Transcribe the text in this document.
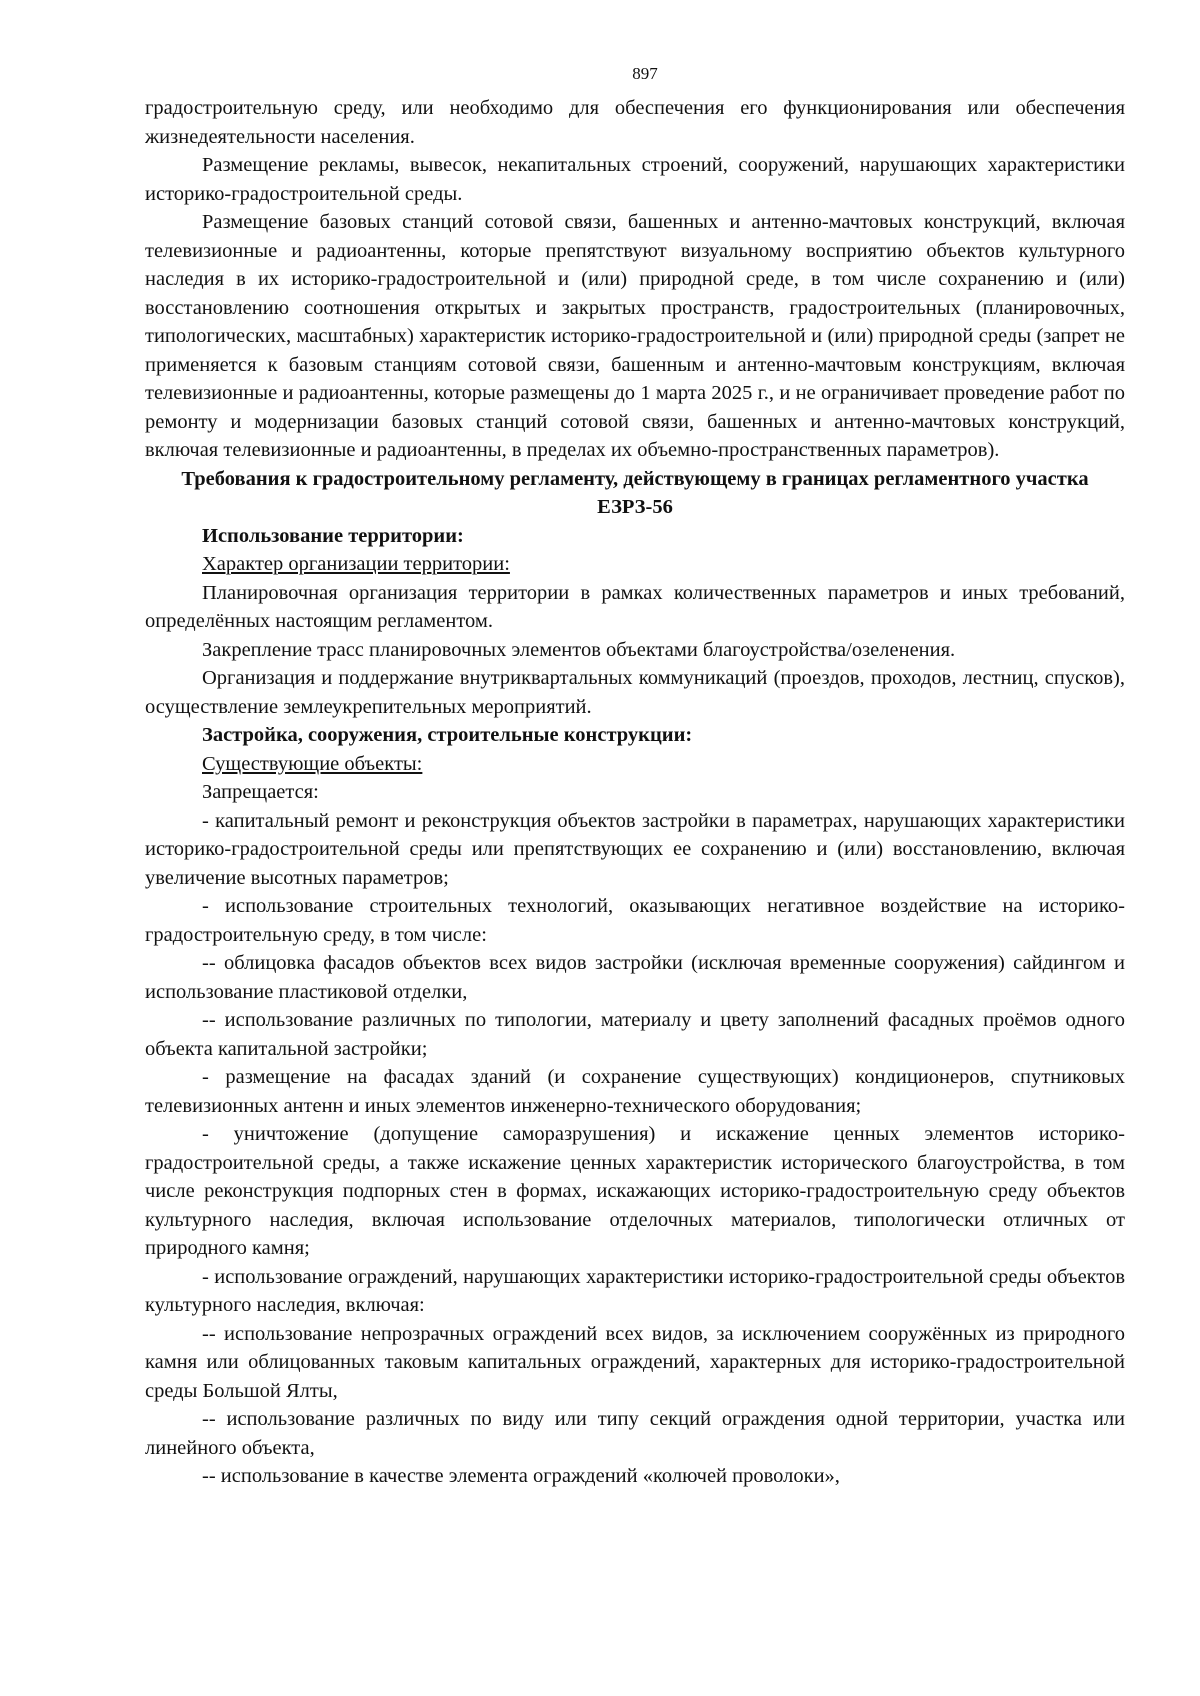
897

градостроительную среду, или необходимо для обеспечения его функционирования или обеспечения жизнедеятельности населения.

Размещение рекламы, вывесок, некапитальных строений, сооружений, нарушающих характеристики историко-градостроительной среды.

Размещение базовых станций сотовой связи, башенных и антенно-мачтовых конструкций, включая телевизионные и радиоантенны, которые препятствуют визуальному восприятию объектов культурного наследия в их историко-градостроительной и (или) природной среде, в том числе сохранению и (или) восстановлению соотношения открытых и закрытых пространств, градостроительных (планировочных, типологических, масштабных) характеристик историко-градостроительной и (или) природной среды (запрет не применяется к базовым станциям сотовой связи, башенным и антенно-мачтовым конструкциям, включая телевизионные и радиоантенны, которые размещены до 1 марта 2025 г., и не ограничивает проведение работ по ремонту и модернизации базовых станций сотовой связи, башенных и антенно-мачтовых конструкций, включая телевизионные и радиоантенны, в пределах их объемно-пространственных параметров).

Требования к градостроительному регламенту, действующему в границах регламентного участка ЕЗРЗ-56

Использование территории:

Характер организации территории:

Планировочная организация территории в рамках количественных параметров и иных требований, определённых настоящим регламентом.

Закрепление трасс планировочных элементов объектами благоустройства/озеленения.

Организация и поддержание внутриквартальных коммуникаций (проездов, проходов, лестниц, спусков), осуществление землеукрепительных мероприятий.

Застройка, сооружения, строительные конструкции:

Существующие объекты:

Запрещается:

- капитальный ремонт и реконструкция объектов застройки в параметрах, нарушающих характеристики историко-градостроительной среды или препятствующих ее сохранению и (или) восстановлению, включая увеличение высотных параметров;

- использование строительных технологий, оказывающих негативное воздействие на историко-градостроительную среду, в том числе:

-- облицовка фасадов объектов всех видов застройки (исключая временные сооружения) сайдингом и использование пластиковой отделки,

-- использование различных по типологии, материалу и цвету заполнений фасадных проёмов одного объекта капитальной застройки;

- размещение на фасадах зданий (и сохранение существующих) кондиционеров, спутниковых телевизионных антенн и иных элементов инженерно-технического оборудования;

- уничтожение (допущение саморазрушения) и искажение ценных элементов историко-градостроительной среды, а также искажение ценных характеристик исторического благоустройства, в том числе реконструкция подпорных стен в формах, искажающих историко-градостроительную среду объектов культурного наследия, включая использование отделочных материалов, типологически отличных от природного камня;

- использование ограждений, нарушающих характеристики историко-градостроительной среды объектов культурного наследия, включая:

-- использование непрозрачных ограждений всех видов, за исключением сооружённых из природного камня или облицованных таковым капитальных ограждений, характерных для историко-градостроительной среды Большой Ялты,

-- использование различных по виду или типу секций ограждения одной территории, участка или линейного объекта,

-- использование в качестве элемента ограждений «колючей проволоки»,
